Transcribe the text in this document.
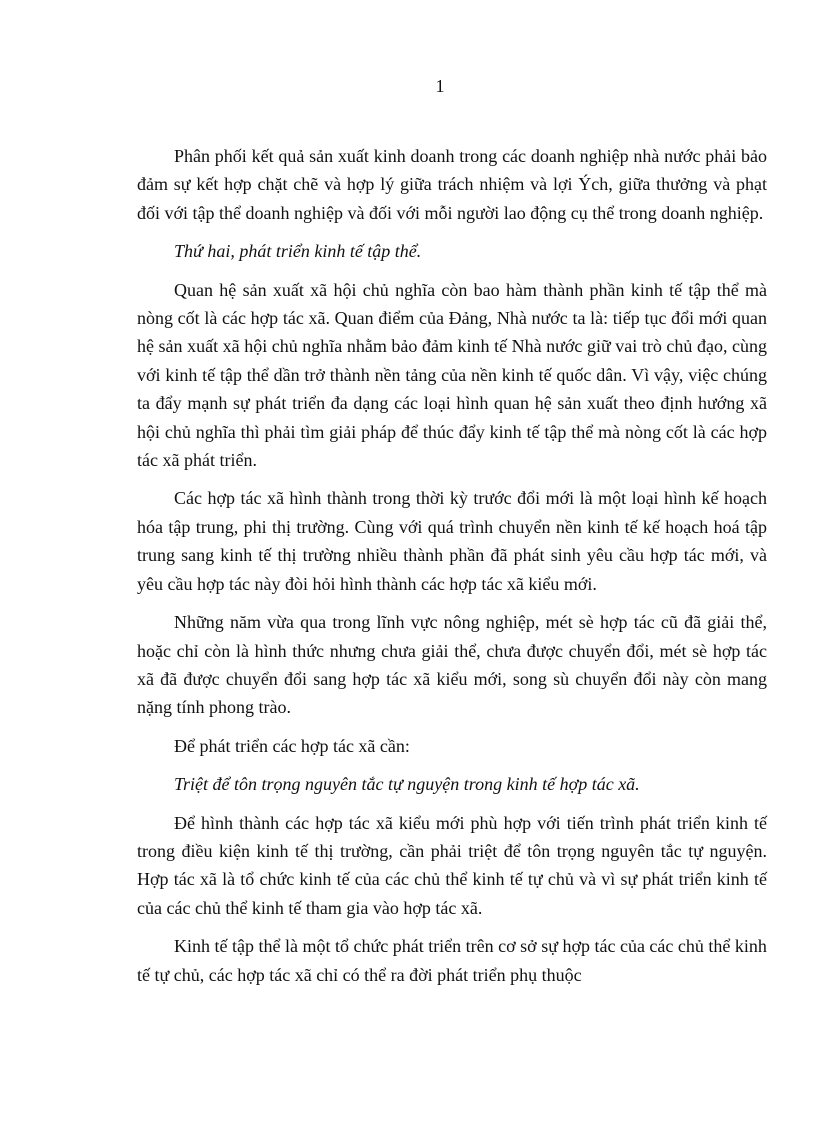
1

Phân phối kết quả sản xuất kinh doanh trong các doanh nghiệp nhà nước phải bảo đảm sự kết hợp chặt chẽ và hợp lý giữa trách nhiệm và lợi Ých, giữa thưởng và phạt đối với tập thể doanh nghiệp và đối với mỗi người lao động cụ thể trong doanh nghiệp.

Thứ hai, phát triển kinh tế tập thể.

Quan hệ sản xuất xã hội chủ nghĩa còn bao hàm thành phần kinh tế tập thể mà nòng cốt là các hợp tác xã. Quan điểm của Đảng, Nhà nước ta là: tiếp tục đổi mới quan hệ sản xuất xã hội chủ nghĩa nhằm bảo đảm kinh tế Nhà nước giữ vai trò chủ đạo, cùng với kinh tế tập thể dần trở thành nền tảng của nền kinh tế quốc dân. Vì vậy, việc chúng ta đẩy mạnh sự phát triển đa dạng các loại hình quan hệ sản xuất theo định hướng xã hội chủ nghĩa thì phải tìm giải pháp để thúc đẩy kinh tế tập thể mà nòng cốt là các hợp tác xã phát triển.

Các hợp tác xã hình thành trong thời kỳ trước đổi mới là một loại hình kế hoạch hóa tập trung, phi thị trường. Cùng với quá trình chuyển nền kinh tế kế hoạch hoá tập trung sang kinh tế thị trường nhiều thành phần đã phát sinh yêu cầu hợp tác mới, và yêu cầu hợp tác này đòi hỏi hình thành các hợp tác xã kiểu mới.

Những năm vừa qua trong lĩnh vực nông nghiệp, mét sè hợp tác cũ đã giải thể, hoặc chỉ còn là hình thức nhưng chưa giải thể, chưa được chuyển đổi, mét sè hợp tác xã đã được chuyển đổi sang hợp tác xã kiểu mới, song sù chuyển đổi này còn mang nặng tính phong trào.

Để phát triển các hợp tác xã cần:

Triệt để tôn trọng nguyên tắc tự nguyện trong kinh tế hợp tác xã.

Để hình thành các hợp tác xã kiểu mới phù hợp với tiến trình phát triển kinh tế trong điều kiện kinh tế thị trường, cần phải triệt để tôn trọng nguyên tắc tự nguyện. Hợp tác xã là tổ chức kinh tế của các chủ thể kinh tế tự chủ và vì sự phát triển kinh tế của các chủ thể kinh tế tham gia vào hợp tác xã.

Kinh tế tập thể là một tổ chức phát triển trên cơ sở sự hợp tác của các chủ thể kinh tế tự chủ, các hợp tác xã chỉ có thể ra đời phát triển phụ thuộc
